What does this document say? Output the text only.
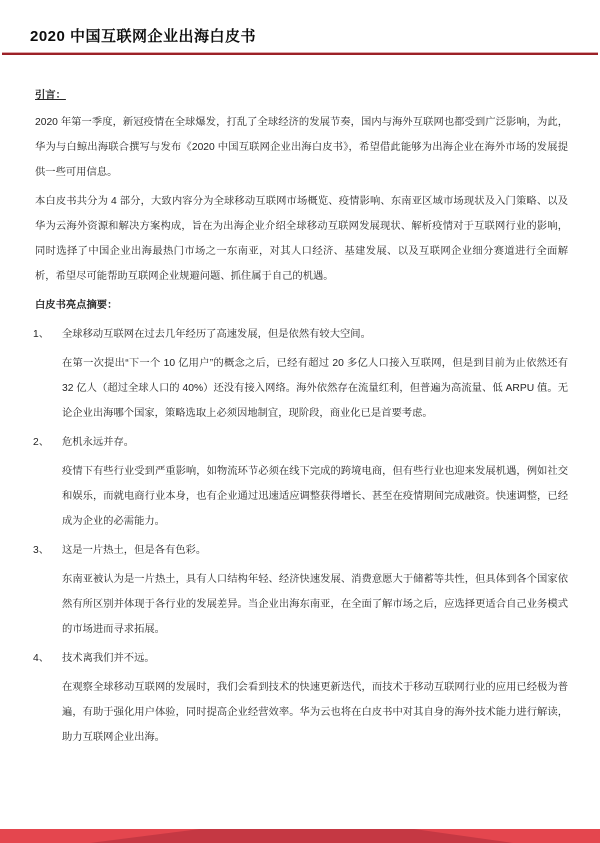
2020 中国互联网企业出海白皮书
引言：

2020 年第一季度，新冠疫情在全球爆发，打乱了全球经济的发展节奏，国内与海外互联网也都受到广泛影响，为此，华为与白鲸出海联合撰写与发布《2020 中国互联网企业出海白皮书》，希望借此能够为出海企业在海外市场的发展提供一些可用信息。

本白皮书共分为 4 部分，大致内容分为全球移动互联网市场概览、疫情影响、东南亚区域市场现状及入门策略、以及华为云海外资源和解决方案构成，旨在为出海企业介绍全球移动互联网发展现状、解析疫情对于互联网行业的影响，同时选择了中国企业出海最热门市场之一东南亚，对其人口经济、基建发展、以及互联网企业细分赛道进行全面解析，希望尽可能帮助互联网企业规避问题、抓住属于自己的机遇。

白皮书亮点摘要：
1、 全球移动互联网在过去几年经历了高速发展，但是依然有较大空间。

在第一次提出“下一个 10 亿用户”的概念之后，已经有超过 20 多亿人口接入互联网，但是到目前为止依然还有 32 亿人（超过全球人口的 40%）还没有接入网络。海外依然存在流量红利，但普遍为高流量、低 ARPU 值。无论企业出海哪个国家，策略选取上必须因地制宜，现阶段，商业化已是首要考虑。

2、 危机永远并存。

疫情下有些行业受到严重影响，如物流环节必须在线下完成的跨境电商，但有些行业也迎来发展机遇，例如社交和娱乐，而就电商行业本身，也有企业通过迅速适应调整获得增长、甚至在疫情期间完成融资。快速调整，已经成为企业的必需能力。

3、 这是一片热土，但是各有色彩。

东南亚被认为是一片热土，具有人口结构年轻、经济快速发展、消费意愿大于储蓄等共性，但具体到各个国家依然有所区别并体现于各行业的发展差异。当企业出海东南亚，在全面了解市场之后，应选择更适合自己业务模式的市场进而寻求拓展。

4、 技术离我们并不远。

在观察全球移动互联网的发展时，我们会看到技术的快速更新迭代，而技术于移动互联网行业的应用已经极为普遍，有助于强化用户体验，同时提高企业经营效率。华为云也将在白皮书中对其自身的海外技术能力进行解读，助力互联网企业出海。
